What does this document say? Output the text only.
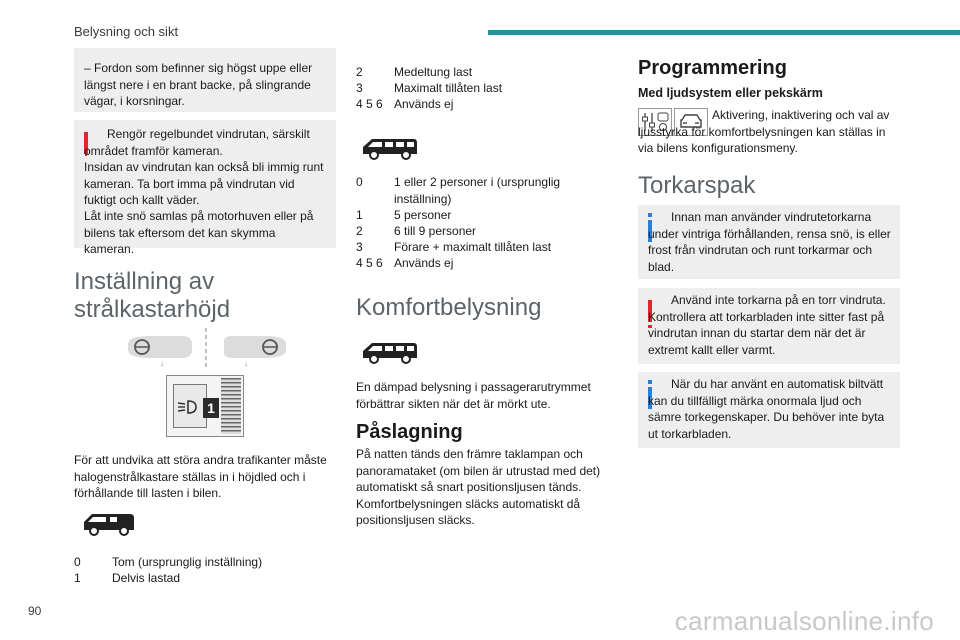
Belysning och sikt
– Fordon som befinner sig högst uppe eller längst nere i en brant backe, på slingrande vägar, i korsningar.
Rengör regelbundet vindrutan, särskilt området framför kameran.
Insidan av vindrutan kan också bli immig runt kameran. Ta bort imma på vindrutan vid fuktigt och kallt väder.
Låt inte snö samlas på motorhuven eller på bilens tak eftersom det kan skymma kameran.
Inställning av strålkastarhöjd
↓	↓
1
För att undvika att störa andra trafikanter måste halogenstrålkastare ställas in i höjdled och i förhållande till lasten i bilen.
0	Tom (ursprunglig inställning)
1	Delvis lastad
2	Medeltung last
3	Maximalt tillåten last
4 5 6 Används ej
0	1 eller 2 personer i (ursprunglig inställning)
1	5 personer
2	6 till 9 personer
3	Förare + maximalt tillåten last
4 5 6 Används ej
Komfortbelysning
En dämpad belysning i passagerarutrymmet förbättrar sikten när det är mörkt ute.
Påslagning
På natten tänds den främre taklampan och panoramataket (om bilen är utrustad med det) automatiskt så snart positionsljusen tänds. Komfortbelysningen släcks automatiskt då positionsljusen släcks.
Programmering
Med ljudsystem eller pekskärm
Aktivering, inaktivering och val av ljusstyrka för komfortbelysningen kan ställas in via bilens konfigurationsmeny.
Torkarspak
Innan man använder vindrutetorkarna under vintriga förhållanden, rensa snö, is eller frost från vindrutan och runt torkarmar och blad.
Använd inte torkarna på en torr vindruta. Kontrollera att torkarbladen inte sitter fast på vindrutan innan du startar dem när det är extremt kallt eller varmt.
När du har använt en automatisk biltvätt kan du tillfälligt märka onormala ljud och sämre torkegenskaper. Du behöver inte byta ut torkarbladen.
90	carmanualsonline.info
